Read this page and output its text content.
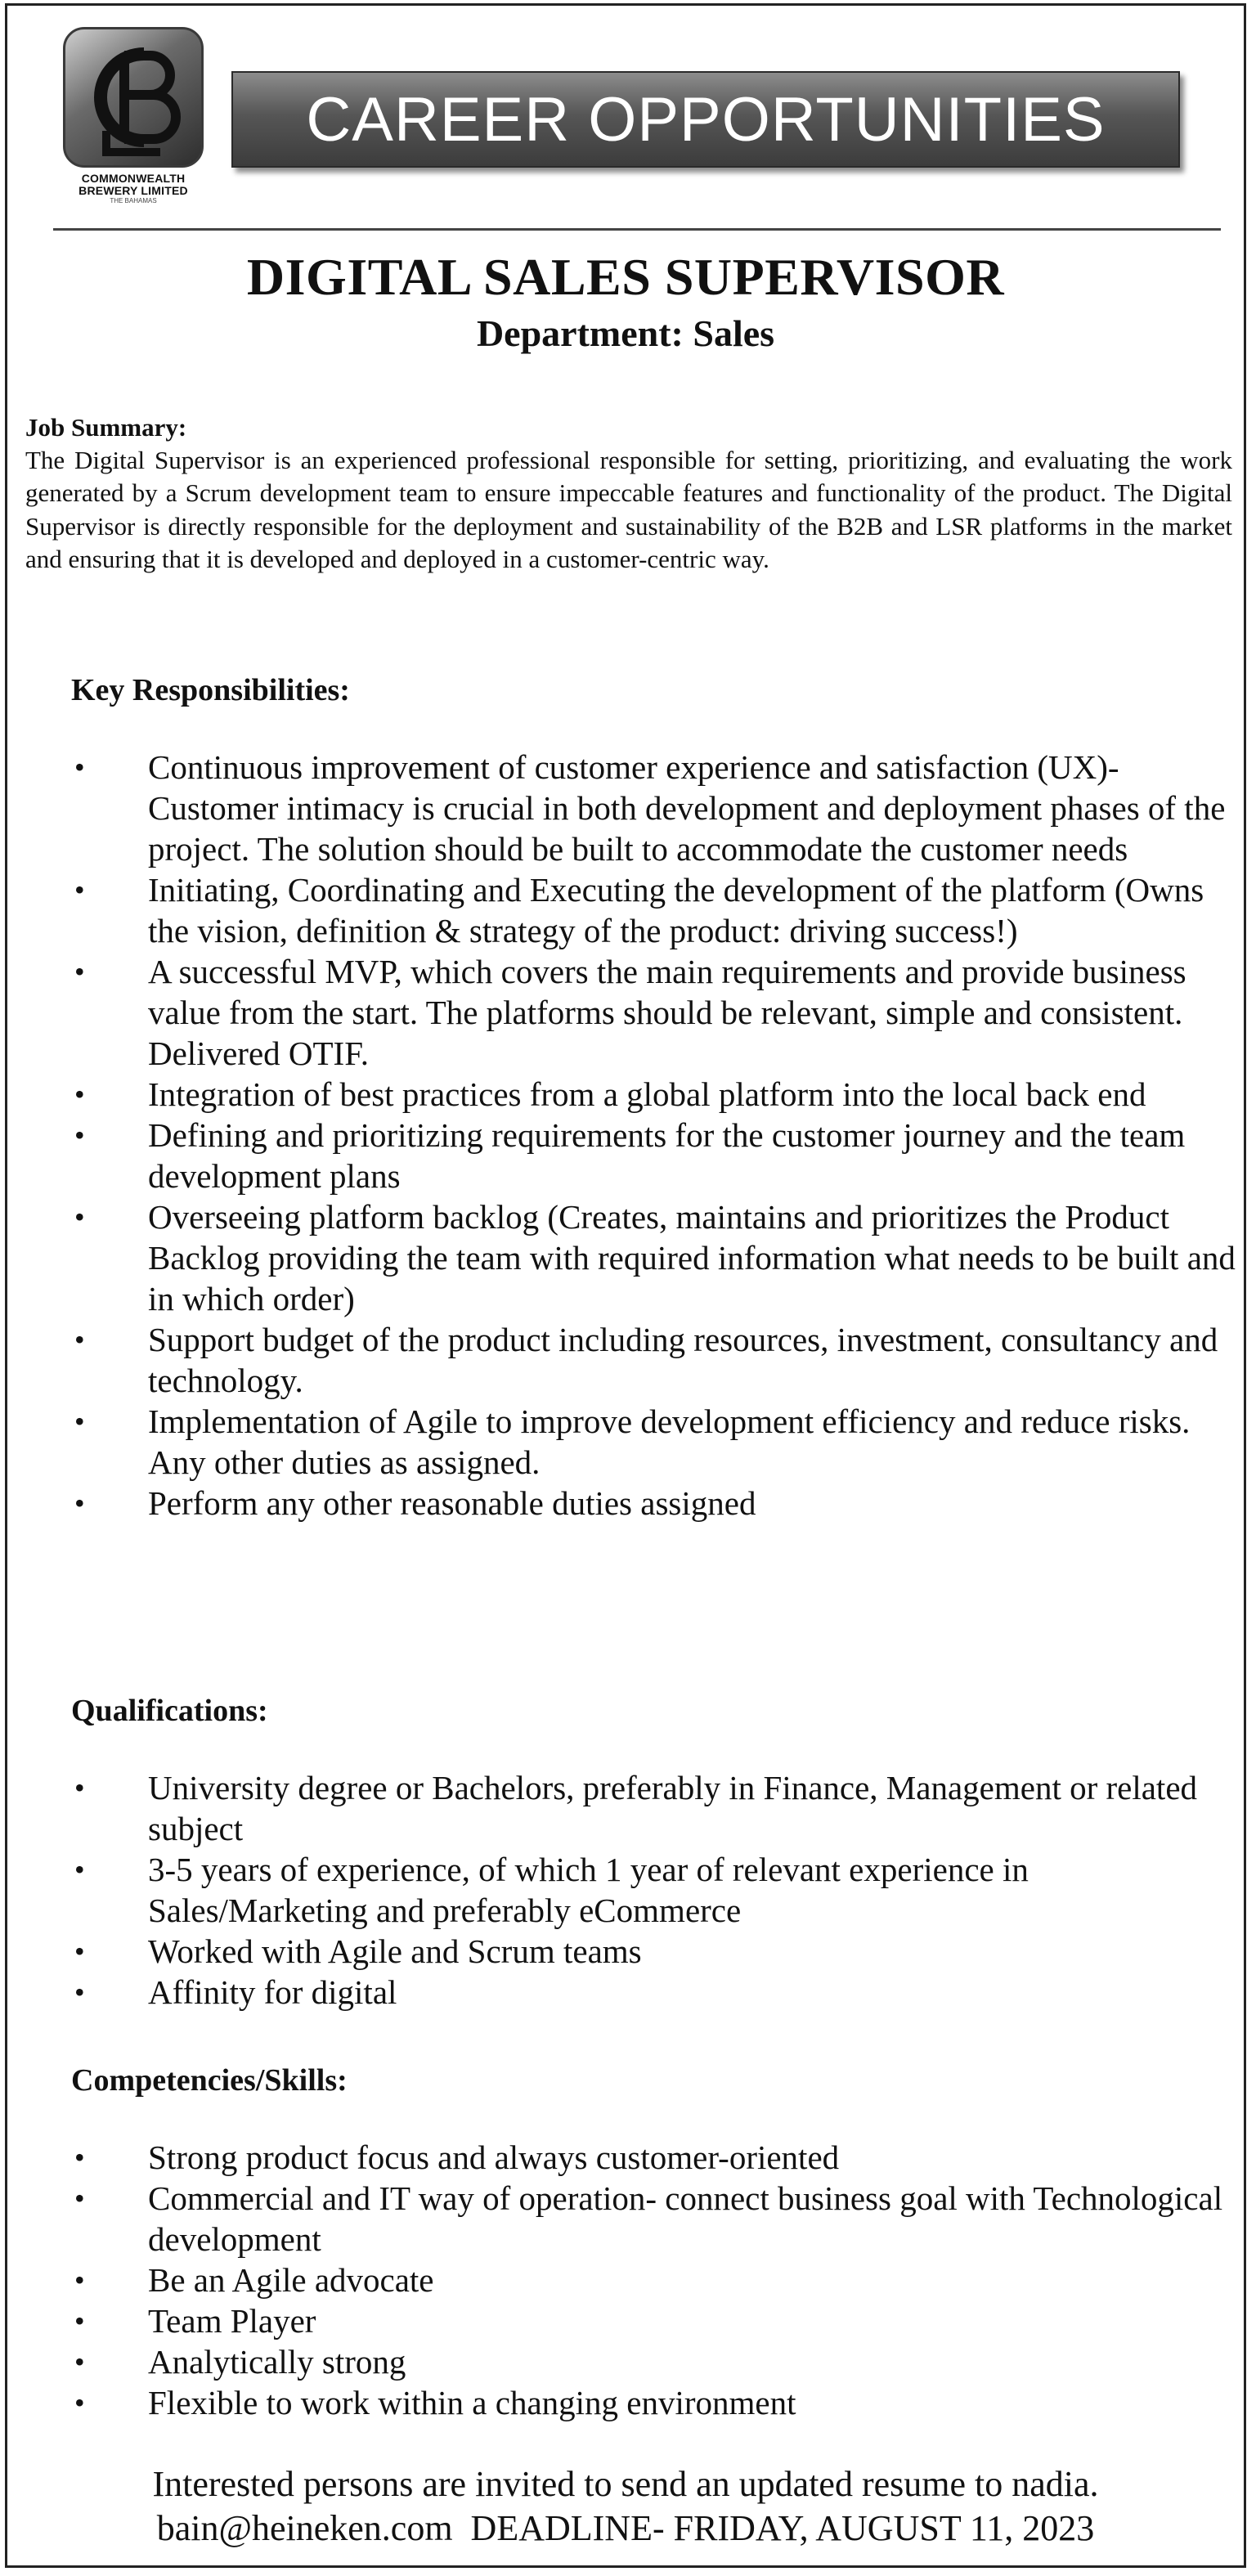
COMMONWEALTH BREWERY LIMITED
THE BAHAMAS
CAREER OPPORTUNITIES
DIGITAL SALES SUPERVISOR
Department: Sales
Job Summary:
The Digital Supervisor is an experienced professional responsible for setting, prioritizing, and evaluating the work generated by a Scrum development team to ensure impeccable features and functionality of the product. The Digital Supervisor is directly responsible for the deployment and sustainability of the B2B and LSR platforms in the market and ensuring that it is developed and deployed in a customer-centric way.
Key Responsibilities:
• Continuous improvement of customer experience and satisfaction (UX)- Customer intimacy is crucial in both development and deployment phases of the project. The solution should be built to accommodate the customer needs
• Initiating, Coordinating and Executing the development of the platform (Owns the vision, definition & strategy of the product: driving success!)
• A successful MVP, which covers the main requirements and provide business value from the start. The platforms should be relevant, simple and consistent. Delivered OTIF.
• Integration of best practices from a global platform into the local back end
• Defining and prioritizing requirements for the customer journey and the team development plans
• Overseeing platform backlog (Creates, maintains and prioritizes the Product Backlog providing the team with required information what needs to be built and in which order)
• Support budget of the product including resources, investment, consultancy and technology.
• Implementation of Agile to improve development efficiency and reduce risks. Any other duties as assigned.
• Perform any other reasonable duties assigned
Qualifications:
• University degree or Bachelors, preferably in Finance, Management or related subject
• 3-5 years of experience, of which 1 year of relevant experience in Sales/Marketing and preferably eCommerce
• Worked with Agile and Scrum teams
• Affinity for digital
Competencies/Skills:
• Strong product focus and always customer-oriented
• Commercial and IT way of operation- connect business goal with Technological development
• Be an Agile advocate
• Team Player
• Analytically strong
• Flexible to work within a changing environment
Interested persons are invited to send an updated resume to nadia.
bain@heineken.com  DEADLINE- FRIDAY, AUGUST 11, 2023
